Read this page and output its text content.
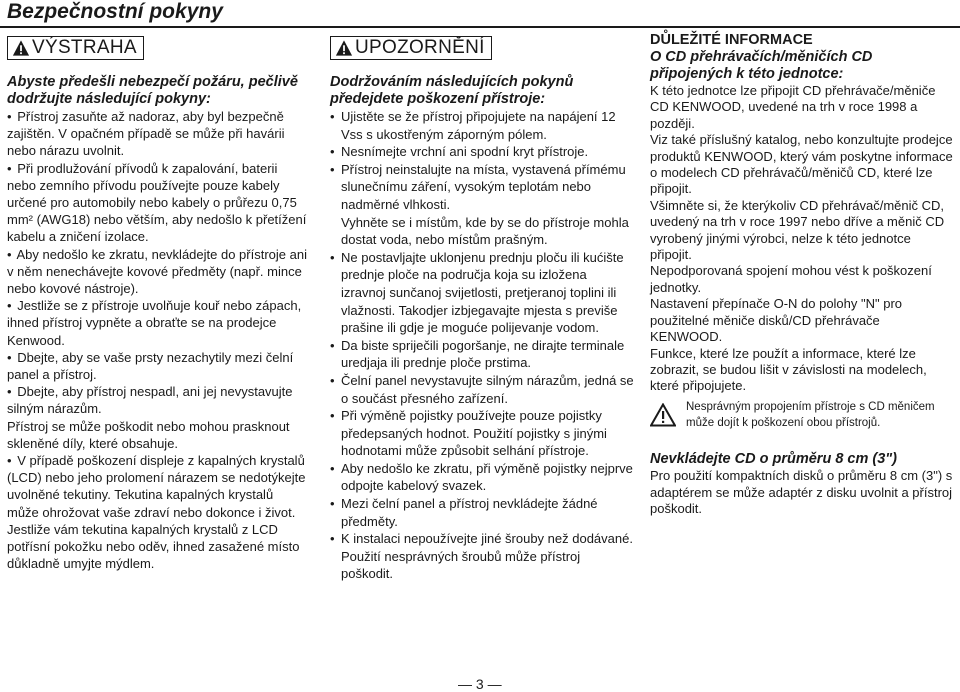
Bezpečnostní pokyny
VÝSTRAHA

Abyste předešli nebezpečí požáru, pečlivě dodržujte následující pokyny:

• Přístroj zasuňte až nadoraz, aby byl bezpečně zajištěn. V opačném případě se může při havárii nebo nárazu uvolnit.
• Při prodlužování přívodů k zapalování, baterii nebo zemního přívodu používejte pouze kabely určené pro automobily nebo kabely o průřezu 0,75 mm² (AWG18) nebo větším, aby nedošlo k přetížení kabelu a zničení izolace.
• Aby nedošlo ke zkratu, nevkládejte do přístroje ani v něm nenechávejte kovové předměty (např. mince nebo kovové nástroje).
• Jestliže se z přístroje uvolňuje kouř nebo zápach, ihned přístroj vypněte a obraťte se na prodejce Kenwood.
• Dbejte, aby se vaše prsty nezachytily mezi čelní panel a přístroj.
• Dbejte, aby přístroj nespadl, ani jej nevystavujte silným nárazům.
Přístroj se může poškodit nebo mohou prasknout skleněné díly, které obsahuje.
• V případě poškození displeje z kapalných krystalů (LCD) nebo jeho prolomení nárazem se nedotýkejte uvolněné tekutiny. Tekutina kapalných krystalů může ohrožovat vaše zdraví nebo dokonce i život.
Jestliže vám tekutina kapalných krystalů z LCD potřísní pokožku nebo oděv, ihned zasažené místo důkladně umyjte mýdlem.
UPOZORNĚNÍ

Dodržováním následujících pokynů předejdete poškození přístroje:

• Ujistěte se že přístroj připojujete na napájení 12 Vss s ukostřeným záporným pólem.
• Nesnímejte vrchní ani spodní kryt přístroje.
• Přístroj neinstalujte na místa, vystavená přímému slunečnímu záření, vysokým teplotám nebo nadměrné vlhkosti.
Vyhněte se i místům, kde by se do přístroje mohla dostat voda, nebo místům prašným.
• Ne postavljajte uklonjenu prednju ploču ili kućište prednje ploče na područja koja su izložena izravnoj sunčanoj svijetlosti, pretjeranoj toplini ili vlažnosti. Takodjer izbjegavajte mjesta s previše prašine ili gdje je moguće polijevanje vodom.
• Da biste spriječili pogoršanje, ne dirajte terminale uredjaja ili prednje ploče prstima.
• Čelní panel nevystavujte silným nárazům, jedná se o součást přesného zařízení.
• Při výměně pojistky používejte pouze pojistky předepsaných hodnot. Použití pojistky s jinými hodnotami může způsobit selhání přístroje.
• Aby nedošlo ke zkratu, při výměně pojistky nejprve odpojte kabelový svazek.
• Mezi čelní panel a přístroj nevkládejte žádné předměty.
• K instalaci nepoužívejte jiné šrouby než dodávané. Použití nesprávných šroubů může přístroj poškodit.
DŮLEŽITÉ INFORMACE
O CD přehrávačích/měničích CD připojených k této jednotce:

K této jednotce lze připojit CD přehrávače/měniče CD KENWOOD, uvedené na trh v roce 1998 a později.

Viz také příslušný katalog, nebo konzultujte prodejce produktů KENWOOD, který vám poskytne informace o modelech CD přehrávačů/měničů CD, které lze připojit.

Všimněte si, že kterýkoliv CD přehrávač/měnič CD, uvedený na trh v roce 1997 nebo dříve a měnič CD vyrobený jinými výrobci, nelze k této jednotce připojit.

Nepodporovaná spojení mohou vést k poškození jednotky.

Nastavení přepínače O-N do polohy "N" pro použitelné měniče disků/CD přehrávače KENWOOD.

Funkce, které lze použít a informace, které lze zobrazit, se budou lišit v závislosti na modelech, které připojujete.

Nesprávným propojením přístroje s CD měničem může dojít k poškození obou přístrojů.
Nevkládejte CD o průměru 8 cm (3")

Pro použití kompaktních disků o průměru 8 cm (3") s adaptérem se může adaptér z disku uvolnit a přístroj poškodit.

— 3 —
